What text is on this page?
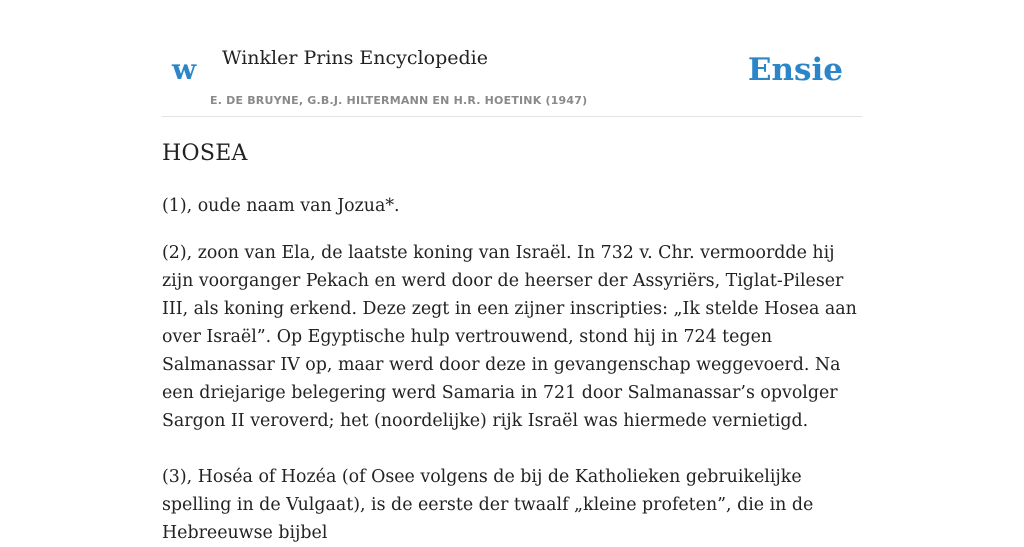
w Winkler Prins Encyclopedie
E. DE BRUYNE, G.B.J. HILTERMANN EN H.R. HOETINK (1947)
Ensie
HOSEA

(1), oude naam van Jozua*.

(2), zoon van Ela, de laatste koning van Israël. In 732 v. Chr. vermoordde hij zijn voorganger Pekach en werd door de heerser der Assyriërs, Tiglat-Pileser III, als koning erkend. Deze zegt in een zijner inscripties: „Ik stelde Hosea aan over Israël”. Op Egyptische hulp vertrouwend, stond hij in 724 tegen Salmanassar IV op, maar werd door deze in gevangenschap weggevoerd. Na een driejarige belegering werd Samaria in 721 door Salmanassar’s opvolger Sargon II veroverd; het (noordelijke) rijk Israël was hiermede vernietigd.

(3), Hoséa of Hozéa (of Osee volgens de bij de Katholieken gebruikelijke spelling in de Vulgaat), is de eerste der twaalf „kleine profeten”, die in de Hebreeuwse bijbel
